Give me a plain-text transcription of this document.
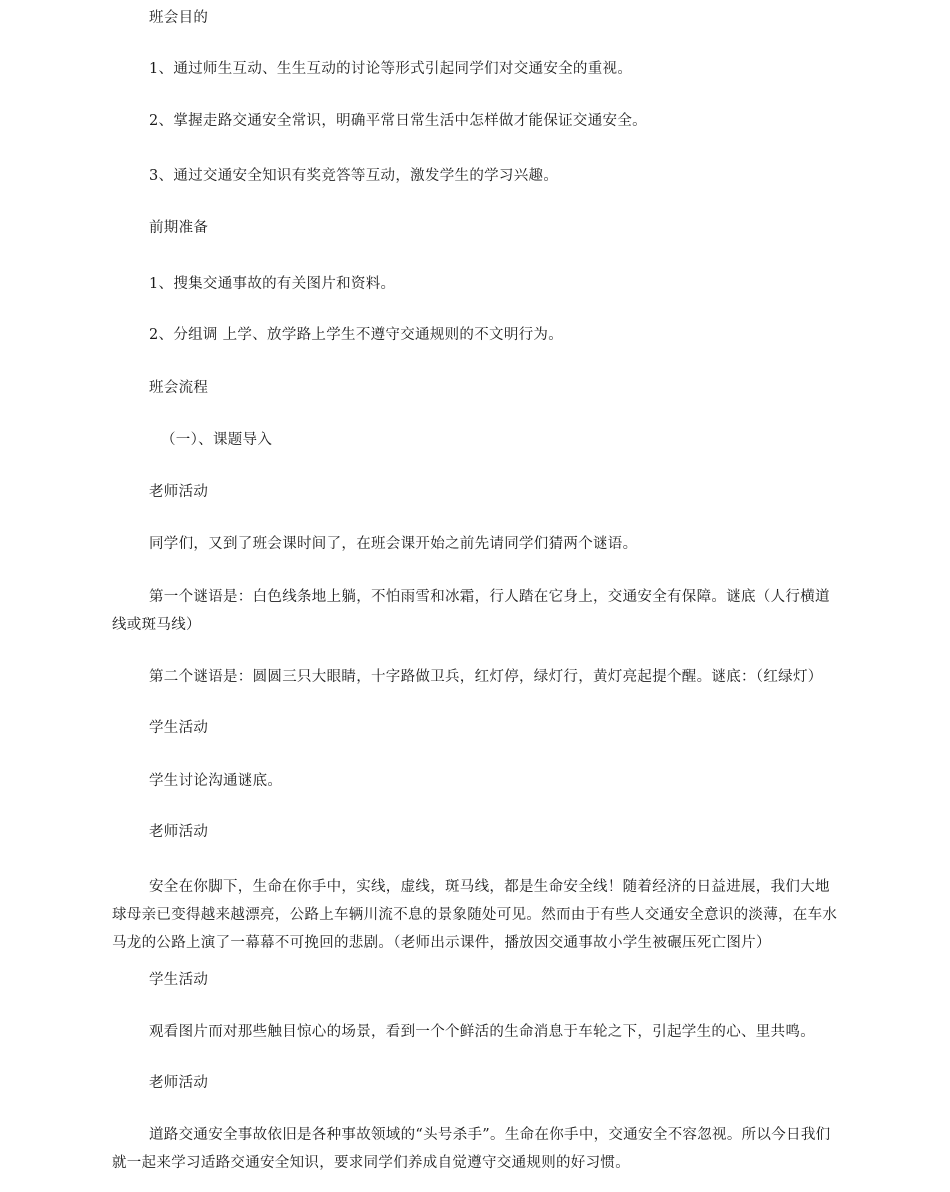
班会目的

1、通过师生互动、生生互动的讨论等形式引起同学们对交通安全的重视。

2、掌握走路交通安全常识，明确平常日常生活中怎样做才能保证交通安全。

3、通过交通安全知识有奖竞答等互动，激发学生的学习兴趣。

前期准备

1、搜集交通事故的有关图片和资料。

2、分组调 上学、放学路上学生不遵守交通规则的不文明行为。

班会流程

（一）、课题导入

老师活动

同学们，又到了班会课时间了，在班会课开始之前先请同学们猜两个谜语。

第一个谜语是：白色线条地上躺，不怕雨雪和冰霜，行人踏在它身上，交通安全有保障。谜底（人行横道线或斑马线）

第二个谜语是：圆圆三只大眼睛，十字路做卫兵，红灯停，绿灯行，黄灯亮起提个醒。谜底：（红绿灯）

学生活动

学生讨论沟通谜底。

老师活动

安全在你脚下，生命在你手中，实线，虚线，斑马线，都是生命安全线！随着经济的日益进展，我们大地球母亲已变得越来越漂亮，公路上车辆川流不息的景象随处可见。然而由于有些人交通安全意识的淡薄，在车水马龙的公路上演了一幕幕不可挽回的悲剧。（老师出示课件，播放因交通事故小学生被碾压死亡图片）

学生活动

观看图片而对那些触目惊心的场景，看到一个个鲜活的生命消息于车轮之下，引起学生的心、里共鸣。

老师活动

道路交通安全事故依旧是各种事故领域的“头号杀手”。生命在你手中，交通安全不容忽视。所以今日我们就一起来学习适路交通安全知识，要求同学们养成自觉遵守交通规则的好习惯。
